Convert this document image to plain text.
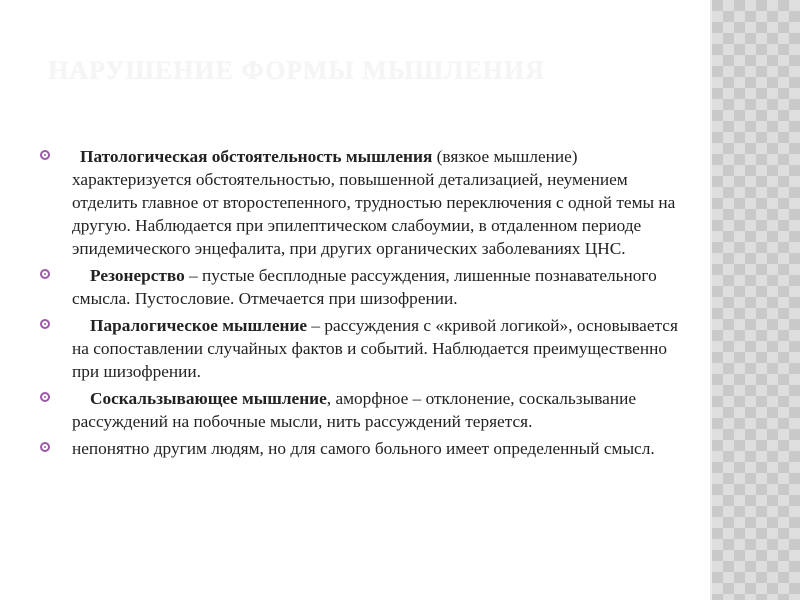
НАРУШЕНИЕ ФОРМЫ МЫШЛЕНИЯ
Патологическая обстоятельность мышления (вязкое мышление) характеризуется обстоятельностью, повышенной детализацией, неумением отделить главное от второстепенного, трудностью переключения с одной темы на другую. Наблюдается при эпилептическом слабоумии, в отдаленном периоде эпидемического энцефалита, при других органических заболеваниях ЦНС.
Резонерство – пустые бесплодные рассуждения, лишенные познавательного смысла. Пустословие. Отмечается при шизофрении.
Паралогическое мышление – рассуждения с «кривой логикой», основывается на сопоставлении случайных фактов и событий. Наблюдается преимущественно при шизофрении.
Соскальзывающее мышление, аморфное – отклонение, соскальзывание рассуждений на побочные мысли, нить рассуждений теряется.
непонятно другим людям, но для самого больного имеет определенный смысл.
